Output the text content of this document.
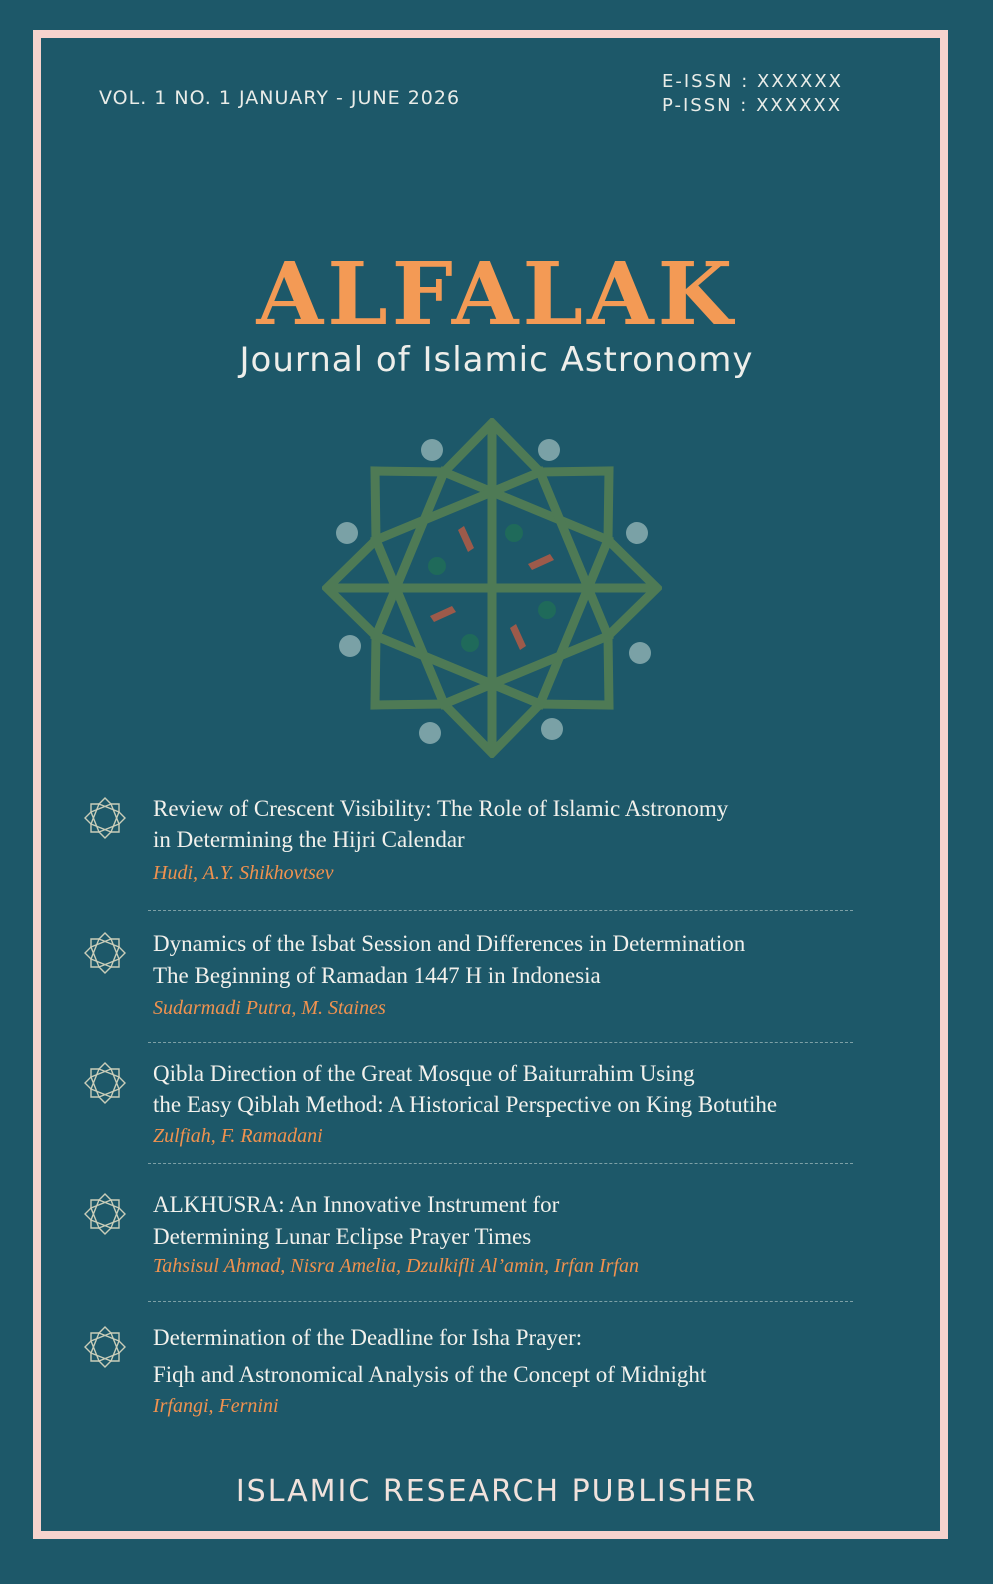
VOL. 1 NO. 1 JANUARY - JUNE 2026
E-ISSN : XXXXXX
P-ISSN : XXXXXX
ALFALAK
Journal of Islamic Astronomy
Review of Crescent Visibility: The Role of Islamic Astronomy
in Determining the Hijri Calendar
Hudi, A.Y. Shikhovtsev
Dynamics of the Isbat Session and Differences in Determination
The Beginning of Ramadan 1447 H in Indonesia
Sudarmadi Putra, M. Staines
Qibla Direction of the Great Mosque of Baiturrahim Using
the Easy Qiblah Method: A Historical Perspective on King Botutihe
Zulfiah, F. Ramadani
ALKHUSRA: An Innovative Instrument for
Determining Lunar Eclipse Prayer Times
Tahsisul Ahmad, Nisra Amelia, Dzulkifli Al’amin, Irfan Irfan
Determination of the Deadline for Isha Prayer:
Fiqh and Astronomical Analysis of the Concept of Midnight
Irfangi, Fernini
ISLAMIC RESEARCH PUBLISHER
